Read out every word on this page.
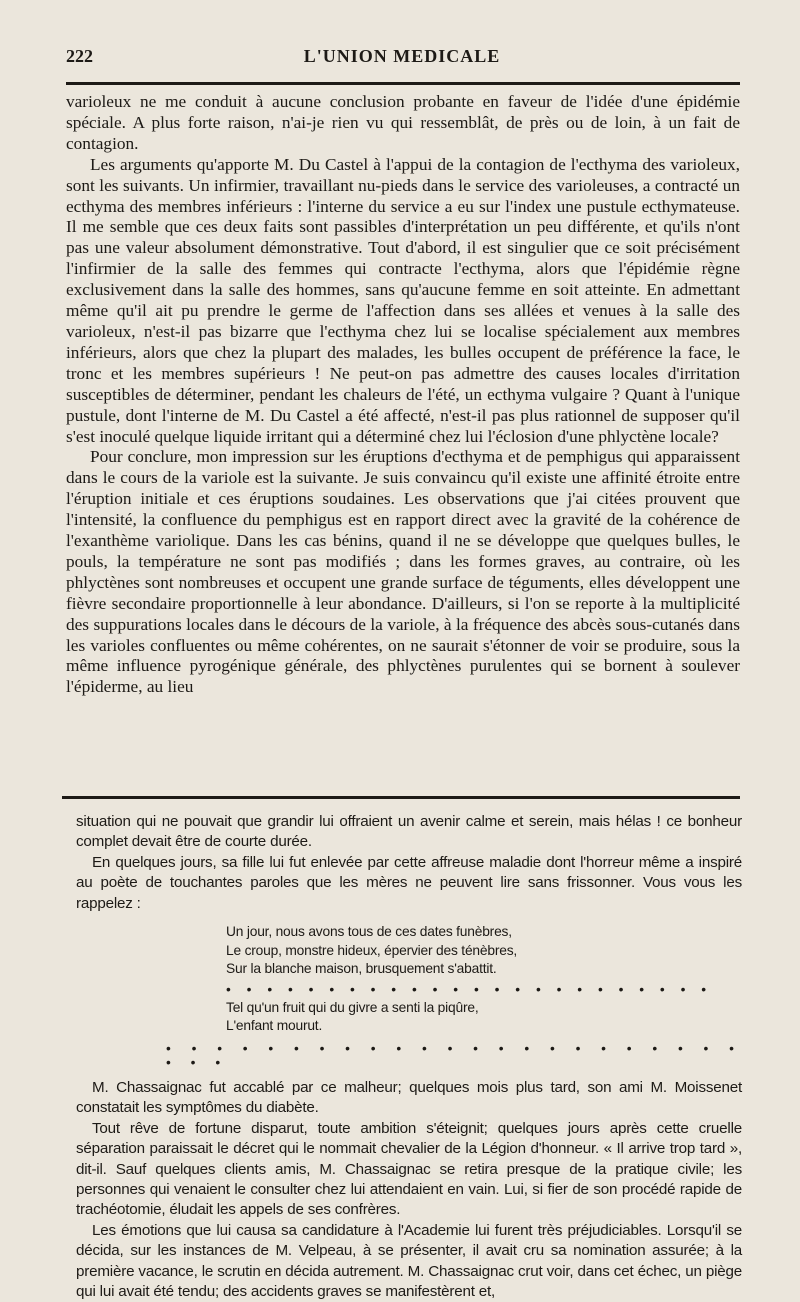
222	L'UNION MEDICALE

varioleux ne me conduit à aucune conclusion probante en faveur de l'idée d'une épidémie spéciale. A plus forte raison, n'ai-je rien vu qui ressemblât, de près ou de loin, à un fait de contagion.

Les arguments qu'apporte M. Du Castel à l'appui de la contagion de l'ecthyma des varioleux, sont les suivants. Un infirmier, travaillant nu-pieds dans le service des varioleuses, a contracté un ecthyma des membres inférieurs : l'interne du service a eu sur l'index une pustule ecthymateuse. Il me semble que ces deux faits sont passibles d'interprétation un peu différente, et qu'ils n'ont pas une valeur absolument démonstrative. Tout d'abord, il est singulier que ce soit précisément l'infirmier de la salle des femmes qui contracte l'ecthyma, alors que l'épidémie règne exclusivement dans la salle des hommes, sans qu'aucune femme en soit atteinte. En admettant même qu'il ait pu prendre le germe de l'affection dans ses allées et venues à la salle des varioleux, n'est-il pas bizarre que l'ecthyma chez lui se localise spécialement aux membres inférieurs, alors que chez la plupart des malades, les bulles occupent de préférence la face, le tronc et les membres supérieurs ! Ne peut-on pas admettre des causes locales d'irritation susceptibles de déterminer, pendant les chaleurs de l'été, un ecthyma vulgaire ? Quant à l'unique pustule, dont l'interne de M. Du Castel a été affecté, n'est-il pas plus rationnel de supposer qu'il s'est inoculé quelque liquide irritant qui a déterminé chez lui l'éclosion d'une phlyctène locale?

Pour conclure, mon impression sur les éruptions d'ecthyma et de pemphigus qui apparaissent dans le cours de la variole est la suivante. Je suis convaincu qu'il existe une affinité étroite entre l'éruption initiale et ces éruptions soudaines. Les observations que j'ai citées prouvent que l'intensité, la confluence du pemphigus est en rapport direct avec la gravité de la cohérence de l'exanthème variolique. Dans les cas bénins, quand il ne se développe que quelques bulles, le pouls, la température ne sont pas modifiés ; dans les formes graves, au contraire, où les phlyctènes sont nombreuses et occupent une grande surface de téguments, elles développent une fièvre secondaire proportionnelle à leur abondance. D'ailleurs, si l'on se reporte à la multiplicité des suppurations locales dans le décours de la variole, à la fréquence des abcès sous-cutanés dans les varioles confluentes ou même cohérentes, on ne saurait s'étonner de voir se produire, sous la même influence pyrogénique générale, des phlyctènes purulentes qui se bornent à soulever l'épiderme, au lieu

situation qui ne pouvait que grandir lui offraient un avenir calme et serein, mais hélas ! ce bonheur complet devait être de courte durée.

En quelques jours, sa fille lui fut enlevée par cette affreuse maladie dont l'horreur même a inspiré au poète de touchantes paroles que les mères ne peuvent lire sans frissonner. Vous vous les rappelez :

Un jour, nous avons tous de ces dates funèbres,
Le croup, monstre hideux, épervier des ténèbres,
Sur la blanche maison, brusquement s'abattit.
• • • • • • • • • • • • • • • • • • • • • • • •
Tel qu'un fruit qui du givre a senti la piqûre,
L'enfant mourut.
• • • • • • • • • • • • • • • • • • • • • • • • • •

M. Chassaignac fut accablé par ce malheur; quelques mois plus tard, son ami M. Moissenet constatait les symptômes du diabète.

Tout rêve de fortune disparut, toute ambition s'éteignit; quelques jours après cette cruelle séparation paraissait le décret qui le nommait chevalier de la Légion d'honneur. « Il arrive trop tard », dit-il. Sauf quelques clients amis, M. Chassaignac se retira presque de la pratique civile; les personnes qui venaient le consulter chez lui attendaient en vain. Lui, si fier de son procédé rapide de trachéotomie, éludait les appels de ses confrères.

Les émotions que lui causa sa candidature à l'Academie lui furent très préjudiciables. Lorsqu'il se décida, sur les instances de M. Velpeau, à se présenter, il avait cru sa nomination assurée; à la première vacance, le scrutin en décida autrement. M. Chassaignac crut voir, dans cet échec, un piège qui lui avait été tendu; des accidents graves se manifestèrent et,
